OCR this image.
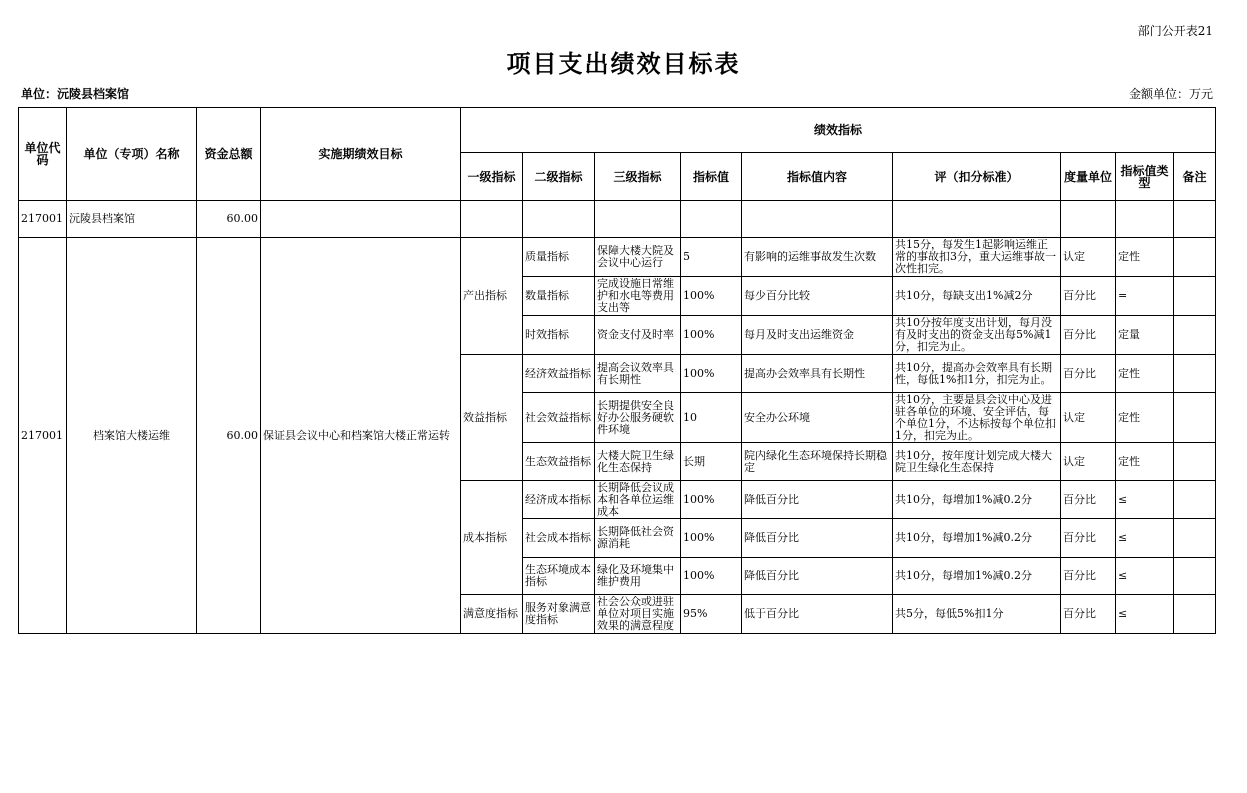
部门公开表21
项目支出绩效目标表
单位：沅陵县档案馆	金额单位：万元
单位代码	单位（专项）名称	资金总额	实施期绩效目标	绩效指标								
				一级指标	二级指标	三级指标	指标值	指标值内容	评（扣分标准）	度量单位	指标值类型	备注
217001	沅陵县档案馆	60.00										
217001	档案馆大楼运维	60.00	保证县会议中心和档案馆大楼正常运转	产出指标	质量指标	保障大楼大院及会议中心运行	5	有影响的运维事故发生次数	共15分，每发生1起影响运维正常的事故扣3分，重大运维事故一次性扣完。	认定	定性	

					数量指标	完成设施日常维护和水电等费用支出等	100%	每少百分比较	共10分，每缺支出1%减2分	百分比	=	

					时效指标	资金支付及时率	100%	每月及时支出运维资金	共10分按年度支出计划，每月没有及时支出的资金支出每5%减1分，扣完为止。	百分比	定量	

				效益指标	经济效益指标	提高会议效率具有长期性	100%	提高办会效率具有长期性	共10分，提高办会效率具有长期性，每低1%扣1分，扣完为止。	百分比	定性	

					社会效益指标	长期提供安全良好办公服务硬软件环境	10	安全办公环境	共10分，主要是县会议中心及进驻各单位的环境、安全评估，每个单位1分，不达标按每个单位扣1分，扣完为止。	认定	定性	

					生态效益指标	大楼大院卫生绿化生态保持	长期	院内绿化生态环境保持长期稳定	共10分，按年度计划完成大楼大院卫生绿化生态保持	认定	定性	

				成本指标	经济成本指标	长期降低会议成本和各单位运维成本	100%	降低百分比	共10分，每增加1%减0.2分	百分比	≤	

					社会成本指标	长期降低社会资源消耗	100%	降低百分比	共10分，每增加1%减0.2分	百分比	≤	

					生态环境成本指标	绿化及环境集中维护费用	100%	降低百分比	共10分，每增加1%减0.2分	百分比	≤	

				满意度指标	服务对象满意度指标	社会公众或进驻单位对项目实施效果的满意程度	95%	低于百分比	共5分，每低5%扣1分	百分比	≤	
